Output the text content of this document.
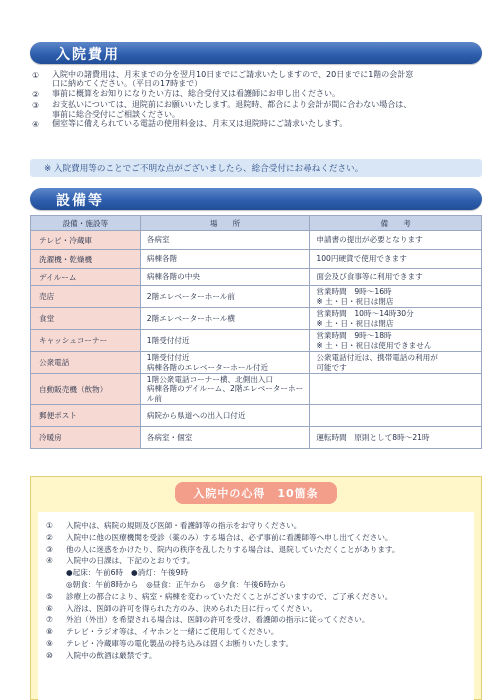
入院費用
①	入院中の諸費用は、月末までの分を翌月10日までにご請求いたしますので、20日までに1階の会計窓
口に納めてください。（平日の17時まで）
②	事前に概算をお知りになりたい方は、総合受付又は看護師にお申し出ください。
③	お支払いについては、退院前にお願いいたします。退院時、都合により会計が間に合わない場合は、
事前に総合受付にご相談ください。
④	個室等に備えられている電話の使用料金は、月末又は退院時にご請求いたします。
※ 入院費用等のことでご不明な点がございましたら、総合受付にお尋ねください。
設備等
設備・施設等	場　　所	備　　考
テレビ・冷蔵庫	各病室	申請書の提出が必要となります

洗濯機・乾燥機	病棟各階	100円硬貨で使用できます

デイルーム	病棟各階の中央	面会及び食事等に利用できます

売店	2階エレベーターホール前	営業時間　9時～16時
※ 土・日・祝日は閉店

食堂	2階エレベーターホール横	営業時間　10時～14時30分
※ 土・日・祝日は閉店

キャッシュコーナー	1階受付付近	営業時間　9時～18時
※ 土・日・祝日は使用できません

公衆電話	1階受付付近
病棟各階のエレベーターホール付近	公衆電話付近は、携帯電話の利用が
可能です

自動販売機（飲物）	1階公衆電話コーナー横、北側出入口
病棟各階のデイルーム、2階エレベーターホール前	

郵便ポスト	病院から県道への出入口付近	

冷暖房	各病室・個室	運転時間　原則として8時～21時
入院中の心得　10箇条
①	入院中は、病院の規則及び医師・看護師等の指示をお守りください。
②	入院中に他の医療機関を受診（薬のみ）する場合は、必ず事前に看護師等へ申し出てください。
③	他の人に迷惑をかけたり、院内の秩序を乱したりする場合は、退院していただくことがあります。
④	入院中の日課は、下記のとおりです。
●起床：午前6時 ●消灯：午後9時
◎朝食：午前8時から ◎昼食：正午から ◎夕食：午後6時から
⑤	診療上の都合により、病室・病棟を変わっていただくことがございますので、ご了承ください。
⑥	入浴は、医師の許可を得られた方のみ、決められた日に行ってください。
⑦	外泊（外出）を希望される場合は、医師の許可を受け、看護師の指示に従ってください。
⑧	テレビ・ラジオ等は、イヤホンと一緒にご使用してください。
⑨	テレビ・冷蔵庫等の電化製品の持ち込みは固くお断りいたします。
⑩	入院中の飲酒は厳禁です。
